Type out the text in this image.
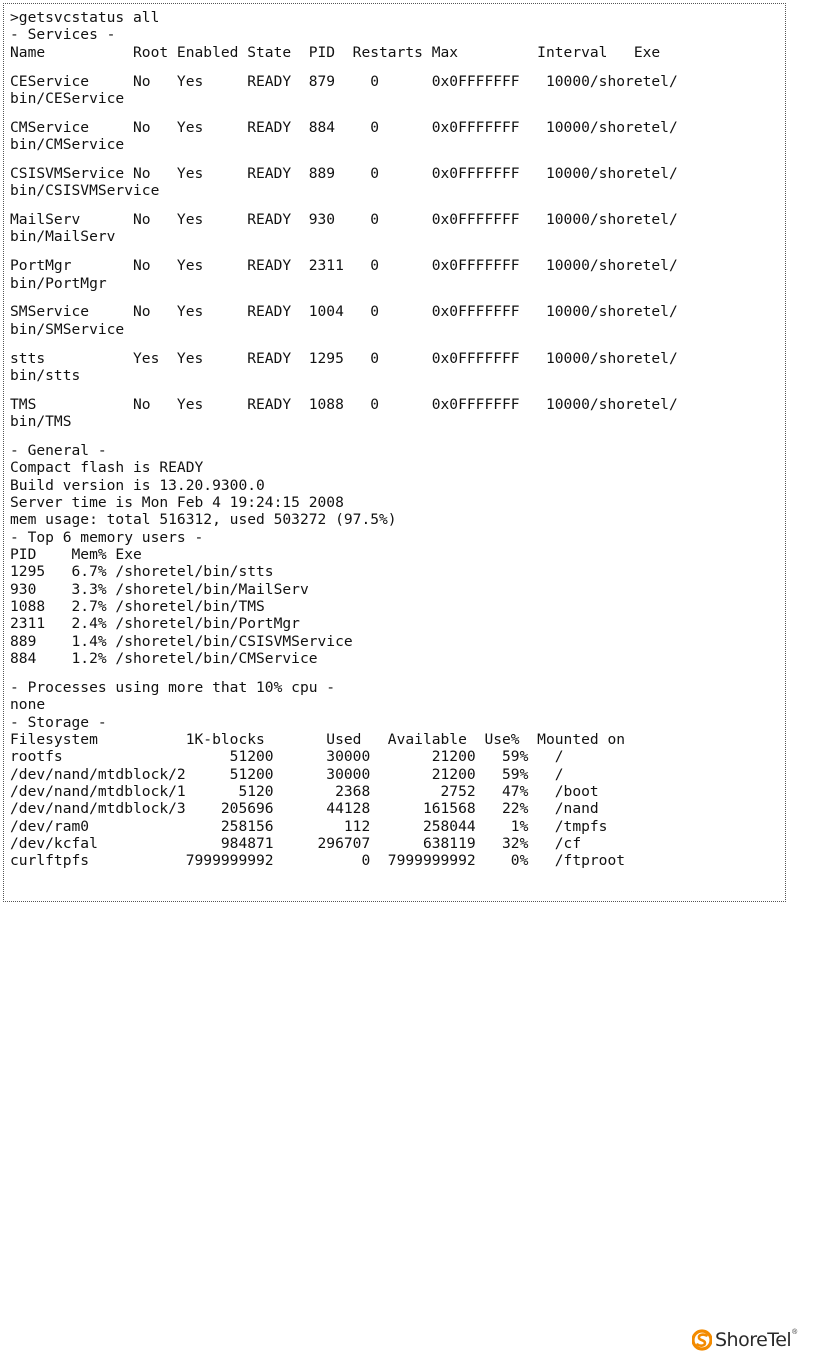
>getsvcstatus all
- Services -
Name          Root Enabled State  PID  Restarts Max         Interval   Exe
CEService     No   Yes     READY  879    0      0x0FFFFFFF   10000/shoretel/
bin/CEService
CMService     No   Yes     READY  884    0      0x0FFFFFFF   10000/shoretel/
bin/CMService
CSISVMService No   Yes     READY  889    0      0x0FFFFFFF   10000/shoretel/
bin/CSISVMService
MailServ      No   Yes     READY  930    0      0x0FFFFFFF   10000/shoretel/
bin/MailServ
PortMgr       No   Yes     READY  2311   0      0x0FFFFFFF   10000/shoretel/
bin/PortMgr
SMService     No   Yes     READY  1004   0      0x0FFFFFFF   10000/shoretel/
bin/SMService
stts          Yes  Yes     READY  1295   0      0x0FFFFFFF   10000/shoretel/
bin/stts
TMS           No   Yes     READY  1088   0      0x0FFFFFFF   10000/shoretel/
bin/TMS
- General -
Compact flash is READY
Build version is 13.20.9300.0
Server time is Mon Feb 4 19:24:15 2008
mem usage: total 516312, used 503272 (97.5%)
- Top 6 memory users -
PID    Mem% Exe
1295   6.7% /shoretel/bin/stts
930    3.3% /shoretel/bin/MailServ
1088   2.7% /shoretel/bin/TMS
2311   2.4% /shoretel/bin/PortMgr
889    1.4% /shoretel/bin/CSISVMService
884    1.2% /shoretel/bin/CMService
- Processes using more that 10% cpu -
none
- Storage -
Filesystem          1K-blocks       Used   Available  Use%  Mounted on
rootfs                   51200      30000       21200   59%   /
/dev/nand/mtdblock/2     51200      30000       21200   59%   /
/dev/nand/mtdblock/1      5120       2368        2752   47%   /boot
/dev/nand/mtdblock/3    205696      44128      161568   22%   /nand
/dev/ram0               258156        112      258044    1%   /tmpfs
/dev/kcfal              984871     296707      638119   32%   /cf
curlftpfs           7999999992          0  7999999992    0%   /ftproot
ShoreTel ®
